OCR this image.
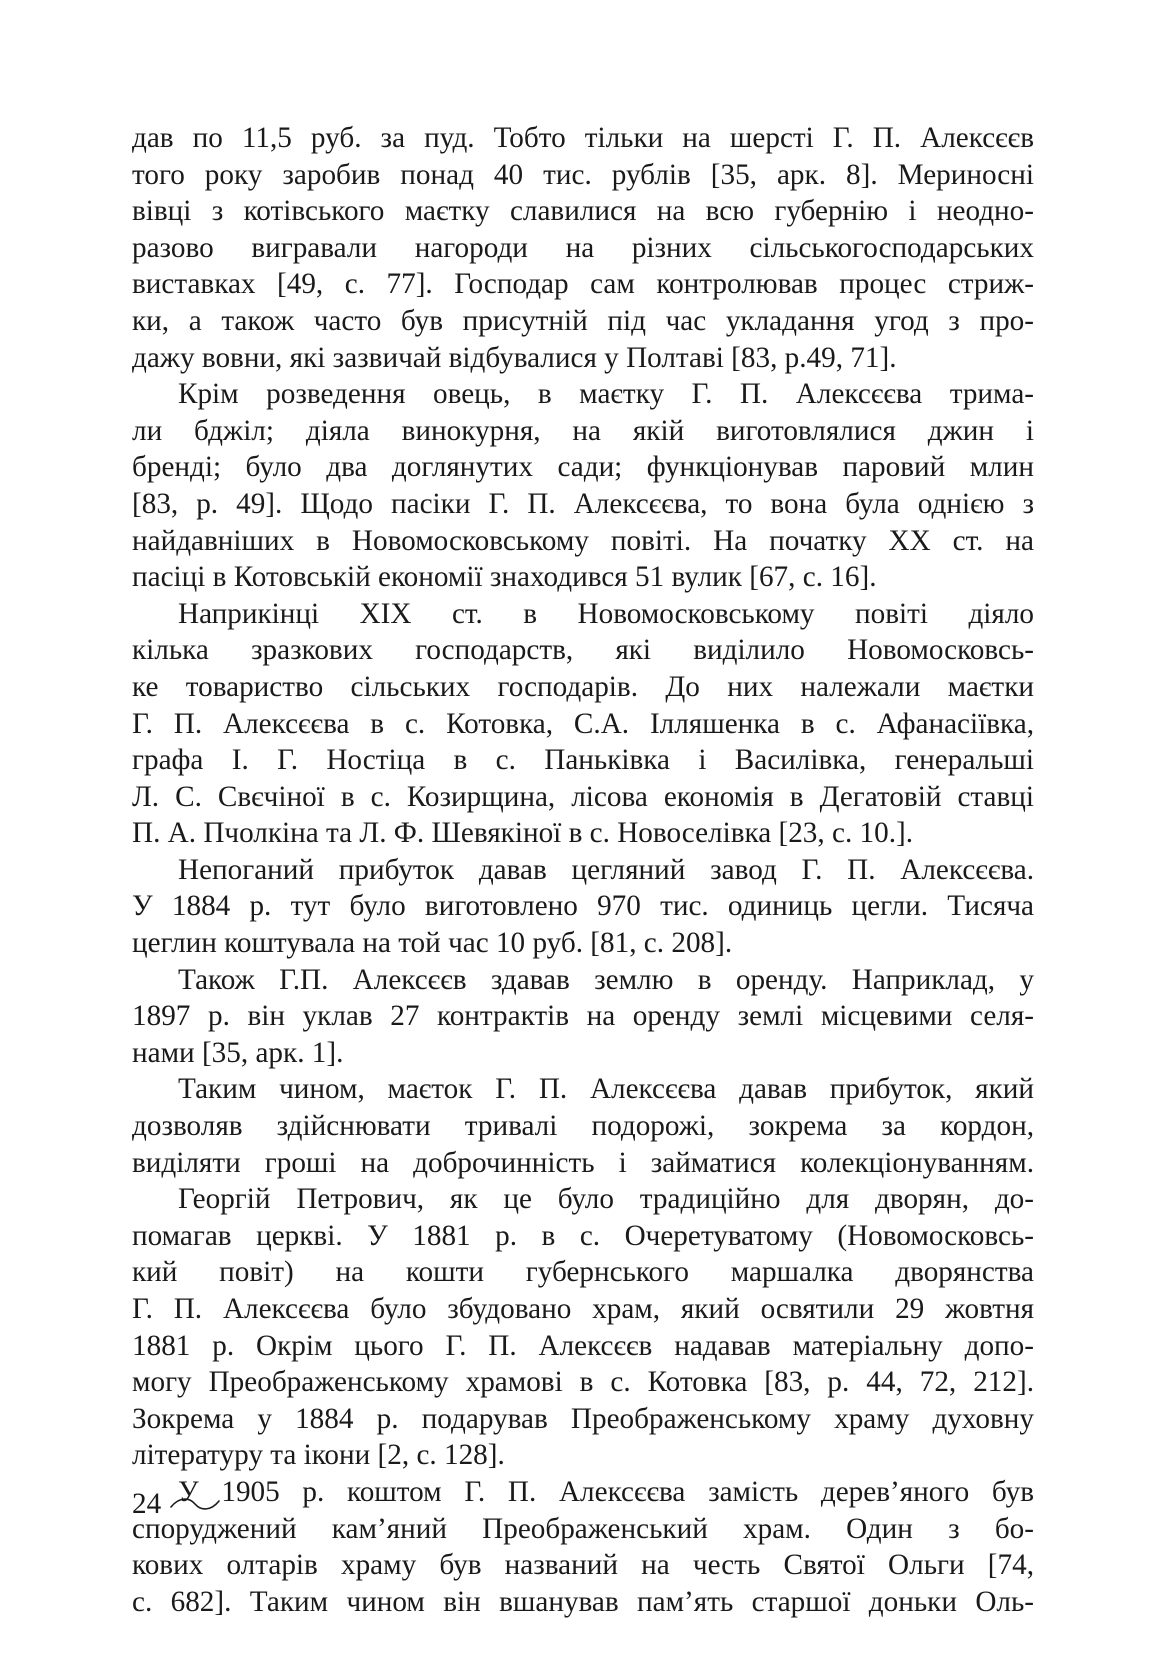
дав по 11,5 руб. за пуд. Тобто тільки на шерсті Г. П. Алексєєв
того року заробив понад 40 тис. рублів [35, арк. 8]. Мериносні
вівці з котівського маєтку славилися на всю губернію і неодно-
разово вигравали нагороди на різних сільськогосподарських
виставках [49, с. 77]. Господар сам контролював процес стриж-
ки, а також часто був присутній під час укладання угод з про-
дажу вовни, які зазвичай відбувалися у Полтаві [83, р.49, 71].
Крім розведення овець, в маєтку Г. П. Алексєєва трима-
ли бджіл; діяла винокурня, на якій виготовлялися джин і
бренді; було два доглянутих сади; функціонував паровий млин
[83, р. 49]. Щодо пасіки Г. П. Алексєєва, то вона була однією з
найдавніших в Новомосковському повіті. На початку XX ст. на
пасіці в Котовській економії знаходився 51 вулик [67, с. 16].
Наприкінці XIX ст. в Новомосковському повіті діяло
кілька зразкових господарств, які виділило Новомосковсь-
ке товариство сільських господарів. До них належали маєтки
Г. П. Алексєєва в с. Котовка, С.А. Ілляшенка в с. Афанасіївка,
графа І. Г. Ностіца в с. Паньківка і Василівка, генеральші
Л. С. Свєчіної в с. Козирщина, лісова економія в Дегатовій ставці
П. А. Пчолкіна та Л. Ф. Шевякіної в с. Новоселівка [23, с. 10.].
Непоганий прибуток давав цегляний завод Г. П. Алексєєва.
У 1884 р. тут було виготовлено 970 тис. одиниць цегли. Тисяча
цеглин коштувала на той час 10 руб. [81, с. 208].
Також Г.П. Алексєєв здавав землю в оренду. Наприклад, у
1897 р. він уклав 27 контрактів на оренду землі місцевими селя-
нами [35, арк. 1].
Таким чином, маєток Г. П. Алексєєва давав прибуток, який
дозволяв здійснювати тривалі подорожі, зокрема за кордон,
виділяти гроші на доброчинність і займатися колекціонуванням.
Георгій Петрович, як це було традиційно для дворян, до-
помагав церкві. У 1881 р. в с. Очеретуватому (Новомосковсь-
кий повіт) на кошти губернського маршалка дворянства
Г. П. Алексєєва було збудовано храм, який освятили 29 жовтня
1881 р. Окрім цього Г. П. Алексєєв надавав матеріальну допо-
могу Преображенському храмові в с. Котовка [83, р. 44, 72, 212].
Зокрема у 1884 р. подарував Преображенському храму духовну
літературу та ікони [2, с. 128].
У 1905 р. коштом Г. П. Алексєєва замість дерев’яного був
споруджений кам’яний Преображенський храм. Один з бо-
кових олтарів храму був названий на честь Святої Ольги [74,
с. 682]. Таким чином він вшанував пам’ять старшої доньки Оль-
24
